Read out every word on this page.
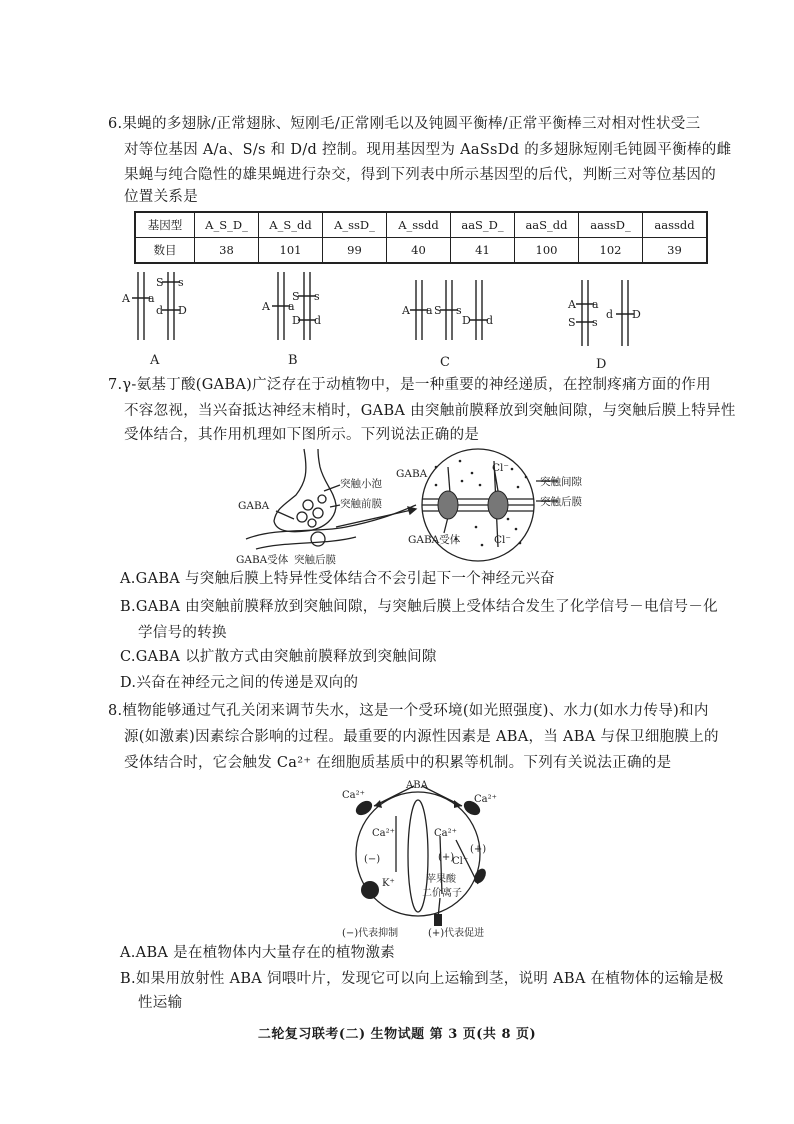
6.果蝇的多翅脉/正常翅脉、短刚毛/正常刚毛以及钝圆平衡棒/正常平衡棒三对相对性状受三
对等位基因 A/a、S/s 和 D/d 控制。现用基因型为 AaSsDd 的多翅脉短刚毛钝圆平衡棒的雌
果蝇与纯合隐性的雄果蝇进行杂交，得到下列表中所示基因型的后代，判断三对等位基因的
位置关系是
基因型	A_S_D_	A_S_dd	A_ssD_	A_ssdd	aaS_D_	aaS_dd	aassD_	aassdd
数目	38	101	99	40	41	100	102	39
A a
S s
d D	A a
S s
D d
A a S s
D d
A a
S s
d D
A	B	C	D
7.γ-氨基丁酸(GABA)广泛存在于动植物中，是一种重要的神经递质，在控制疼痛方面的作用
不容忽视，当兴奋抵达神经末梢时，GABA 由突触前膜释放到突触间隙，与突触后膜上特异性
受体结合，其作用机理如下图所示。下列说法正确的是
突触小泡
突触前膜
GABA
GABA受体 突触后膜
GABA	Cl⁻
突触间隙
突触后膜
GABA受体	Cl⁻
A.GABA 与突触后膜上特异性受体结合不会引起下一个神经元兴奋
B.GABA 由突触前膜释放到突触间隙，与突触后膜上受体结合发生了化学信号－电信号－化
学信号的转换
C.GABA 以扩散方式由突触前膜释放到突触间隙
D.兴奋在神经元之间的传递是双向的
8.植物能够通过气孔关闭来调节失水，这是一个受环境(如光照强度)、水力(如水力传导)和内
源(如激素)因素综合影响的过程。最重要的内源性因素是 ABA，当 ABA 与保卫细胞膜上的
受体结合时，它会触发 Ca²⁺ 在细胞质基质中的积累等机制。下列有关说法正确的是
ABA
Ca²⁺	Ca²⁺
Ca²⁺	Ca²⁺
(−)	(+)
(+)
Cl⁻
K⁺	苹果酸
二价离子
(−)代表抑制	(+)代表促进
A.ABA 是在植物体内大量存在的植物激素
B.如果用放射性 ABA 饲喂叶片，发现它可以向上运输到茎，说明 ABA 在植物体的运输是极
性运输
二轮复习联考(二) 生物试题 第 3 页(共 8 页)
